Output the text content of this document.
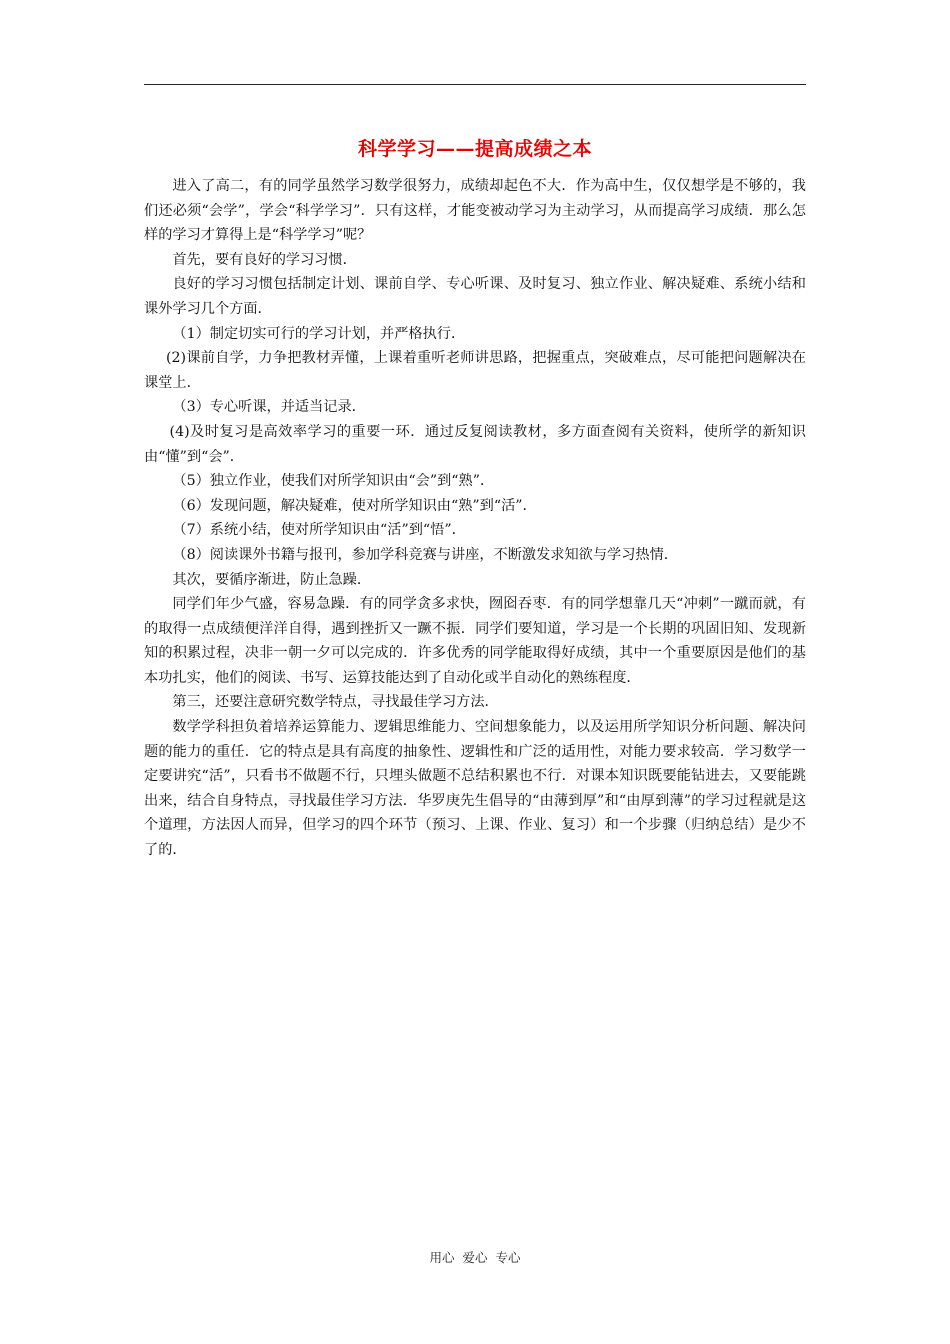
科学学习——提高成绩之本

进入了高二，有的同学虽然学习数学很努力，成绩却起色不大．作为高中生，仅仅想学是不够的，我们还必须“会学”，学会“科学学习”．只有这样，才能变被动学习为主动学习，从而提高学习成绩．那么怎样的学习才算得上是“科学学习”呢？

首先，要有良好的学习习惯．

良好的学习习惯包括制定计划、课前自学、专心听课、及时复习、独立作业、解决疑难、系统小结和课外学习几个方面．

（1）制定切实可行的学习计划，并严格执行．

(2)课前自学，力争把教材弄懂，上课着重听老师讲思路，把握重点，突破难点，尽可能把问题解决在课堂上．

（3）专心听课，并适当记录．

(4)及时复习是高效率学习的重要一环．通过反复阅读教材，多方面查阅有关资料，使所学的新知识由“懂”到“会”．

（5）独立作业，使我们对所学知识由“会”到“熟”．

（6）发现问题，解决疑难，使对所学知识由“熟”到“活”．

（7）系统小结，使对所学知识由“活”到“悟”．

（8）阅读课外书籍与报刊，参加学科竞赛与讲座，不断激发求知欲与学习热情．

其次，要循序渐进，防止急躁．

同学们年少气盛，容易急躁．有的同学贪多求快，囫囵吞枣．有的同学想靠几天“冲刺”一蹴而就，有的取得一点成绩便洋洋自得，遇到挫折又一蹶不振．同学们要知道，学习是一个长期的巩固旧知、发现新知的积累过程，决非一朝一夕可以完成的．许多优秀的同学能取得好成绩，其中一个重要原因是他们的基本功扎实，他们的阅读、书写、运算技能达到了自动化或半自动化的熟练程度．

第三，还要注意研究数学特点，寻找最佳学习方法．

数学学科担负着培养运算能力、逻辑思维能力、空间想象能力，以及运用所学知识分析问题、解决问题的能力的重任．它的特点是具有高度的抽象性、逻辑性和广泛的适用性，对能力要求较高．学习数学一定要讲究“活”，只看书不做题不行，只埋头做题不总结积累也不行．对课本知识既要能钻进去，又要能跳出来，结合自身特点，寻找最佳学习方法．华罗庚先生倡导的“由薄到厚”和“由厚到薄”的学习过程就是这个道理，方法因人而异，但学习的四个环节（预习、上课、作业、复习）和一个步骤（归纳总结）是少不了的．

用心  爱心  专心
